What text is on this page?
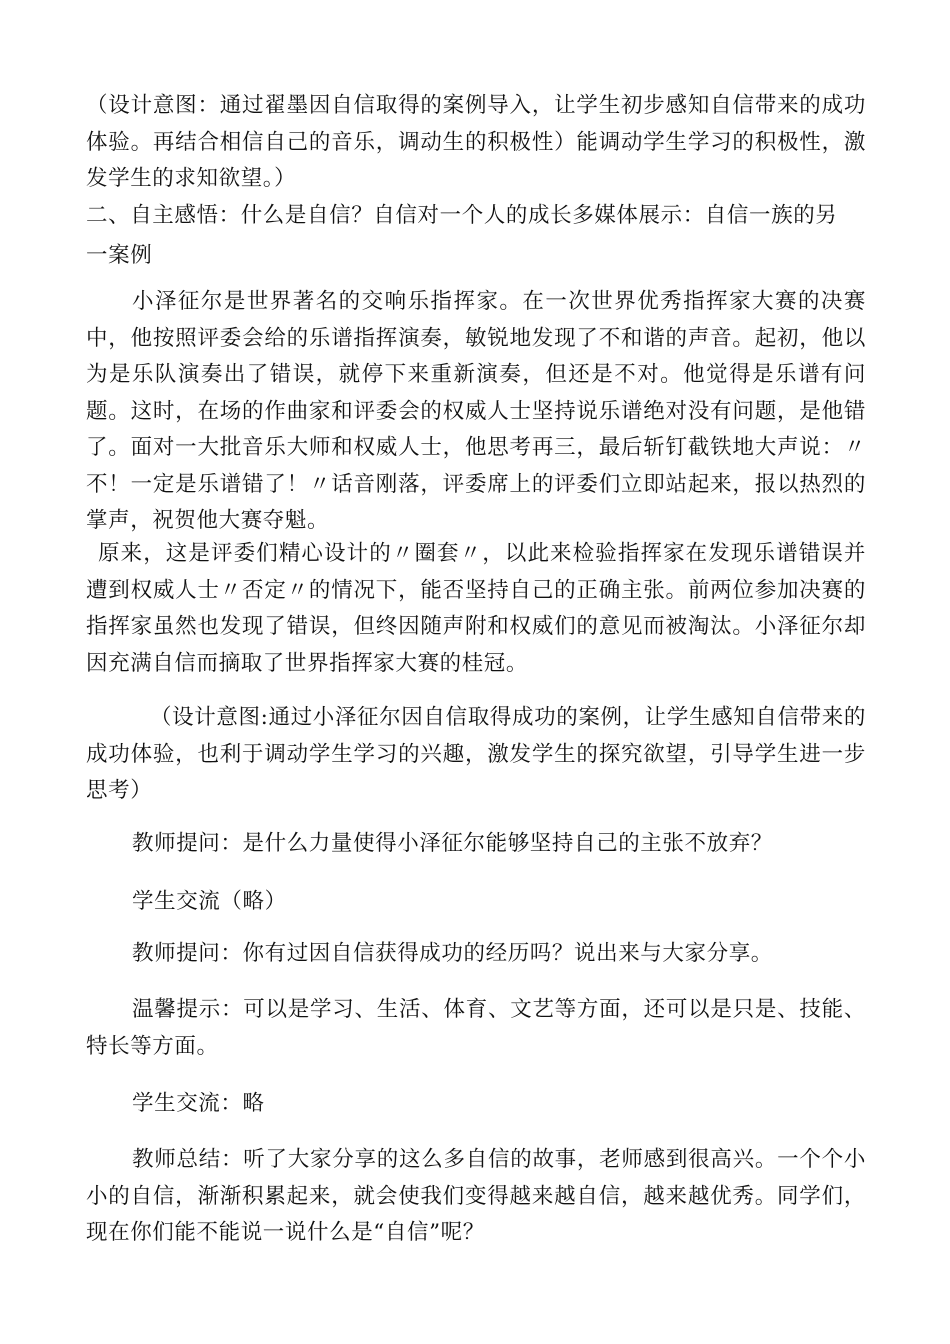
（设计意图：通过翟墨因自信取得的案例导入，让学生初步感知自信带来的成功体验。再结合相信自己的音乐，调动生的积极性）能调动学生学习的积极性，激发学生的求知欲望。）

二、自主感悟：什么是自信？自信对一个人的成长多媒体展示：自信一族的另

一案例

小泽征尔是世界著名的交响乐指挥家。在一次世界优秀指挥家大赛的决赛中，他按照评委会给的乐谱指挥演奏，敏锐地发现了不和谐的声音。起初，他以为是乐队演奏出了错误，就停下来重新演奏，但还是不对。他觉得是乐谱有问题。这时，在场的作曲家和评委会的权威人士坚持说乐谱绝对没有问题，是他错了。面对一大批音乐大师和权威人士，他思考再三，最后斩钉截铁地大声说：〃不！一定是乐谱错了！〃话音刚落，评委席上的评委们立即站起来，报以热烈的掌声，祝贺他大赛夺魁。

原来，这是评委们精心设计的〃圈套〃，以此来检验指挥家在发现乐谱错误并遭到权威人士〃否定〃的情况下，能否坚持自己的正确主张。前两位参加决赛的指挥家虽然也发现了错误，但终因随声附和权威们的意见而被淘汰。小泽征尔却因充满自信而摘取了世界指挥家大赛的桂冠。

（设计意图:通过小泽征尔因自信取得成功的案例，让学生感知自信带来的成功体验，也利于调动学生学习的兴趣，激发学生的探究欲望，引导学生进一步思考）

教师提问：是什么力量使得小泽征尔能够坚持自己的主张不放弃？

学生交流（略）

教师提问：你有过因自信获得成功的经历吗？说出来与大家分享。

温馨提示：可以是学习、生活、体育、文艺等方面，还可以是只是、技能、特长等方面。

学生交流：略

教师总结：听了大家分享的这么多自信的故事，老师感到很高兴。一个个小小的自信，渐渐积累起来，就会使我们变得越来越自信，越来越优秀。同学们，现在你们能不能说一说什么是“自信”呢？
